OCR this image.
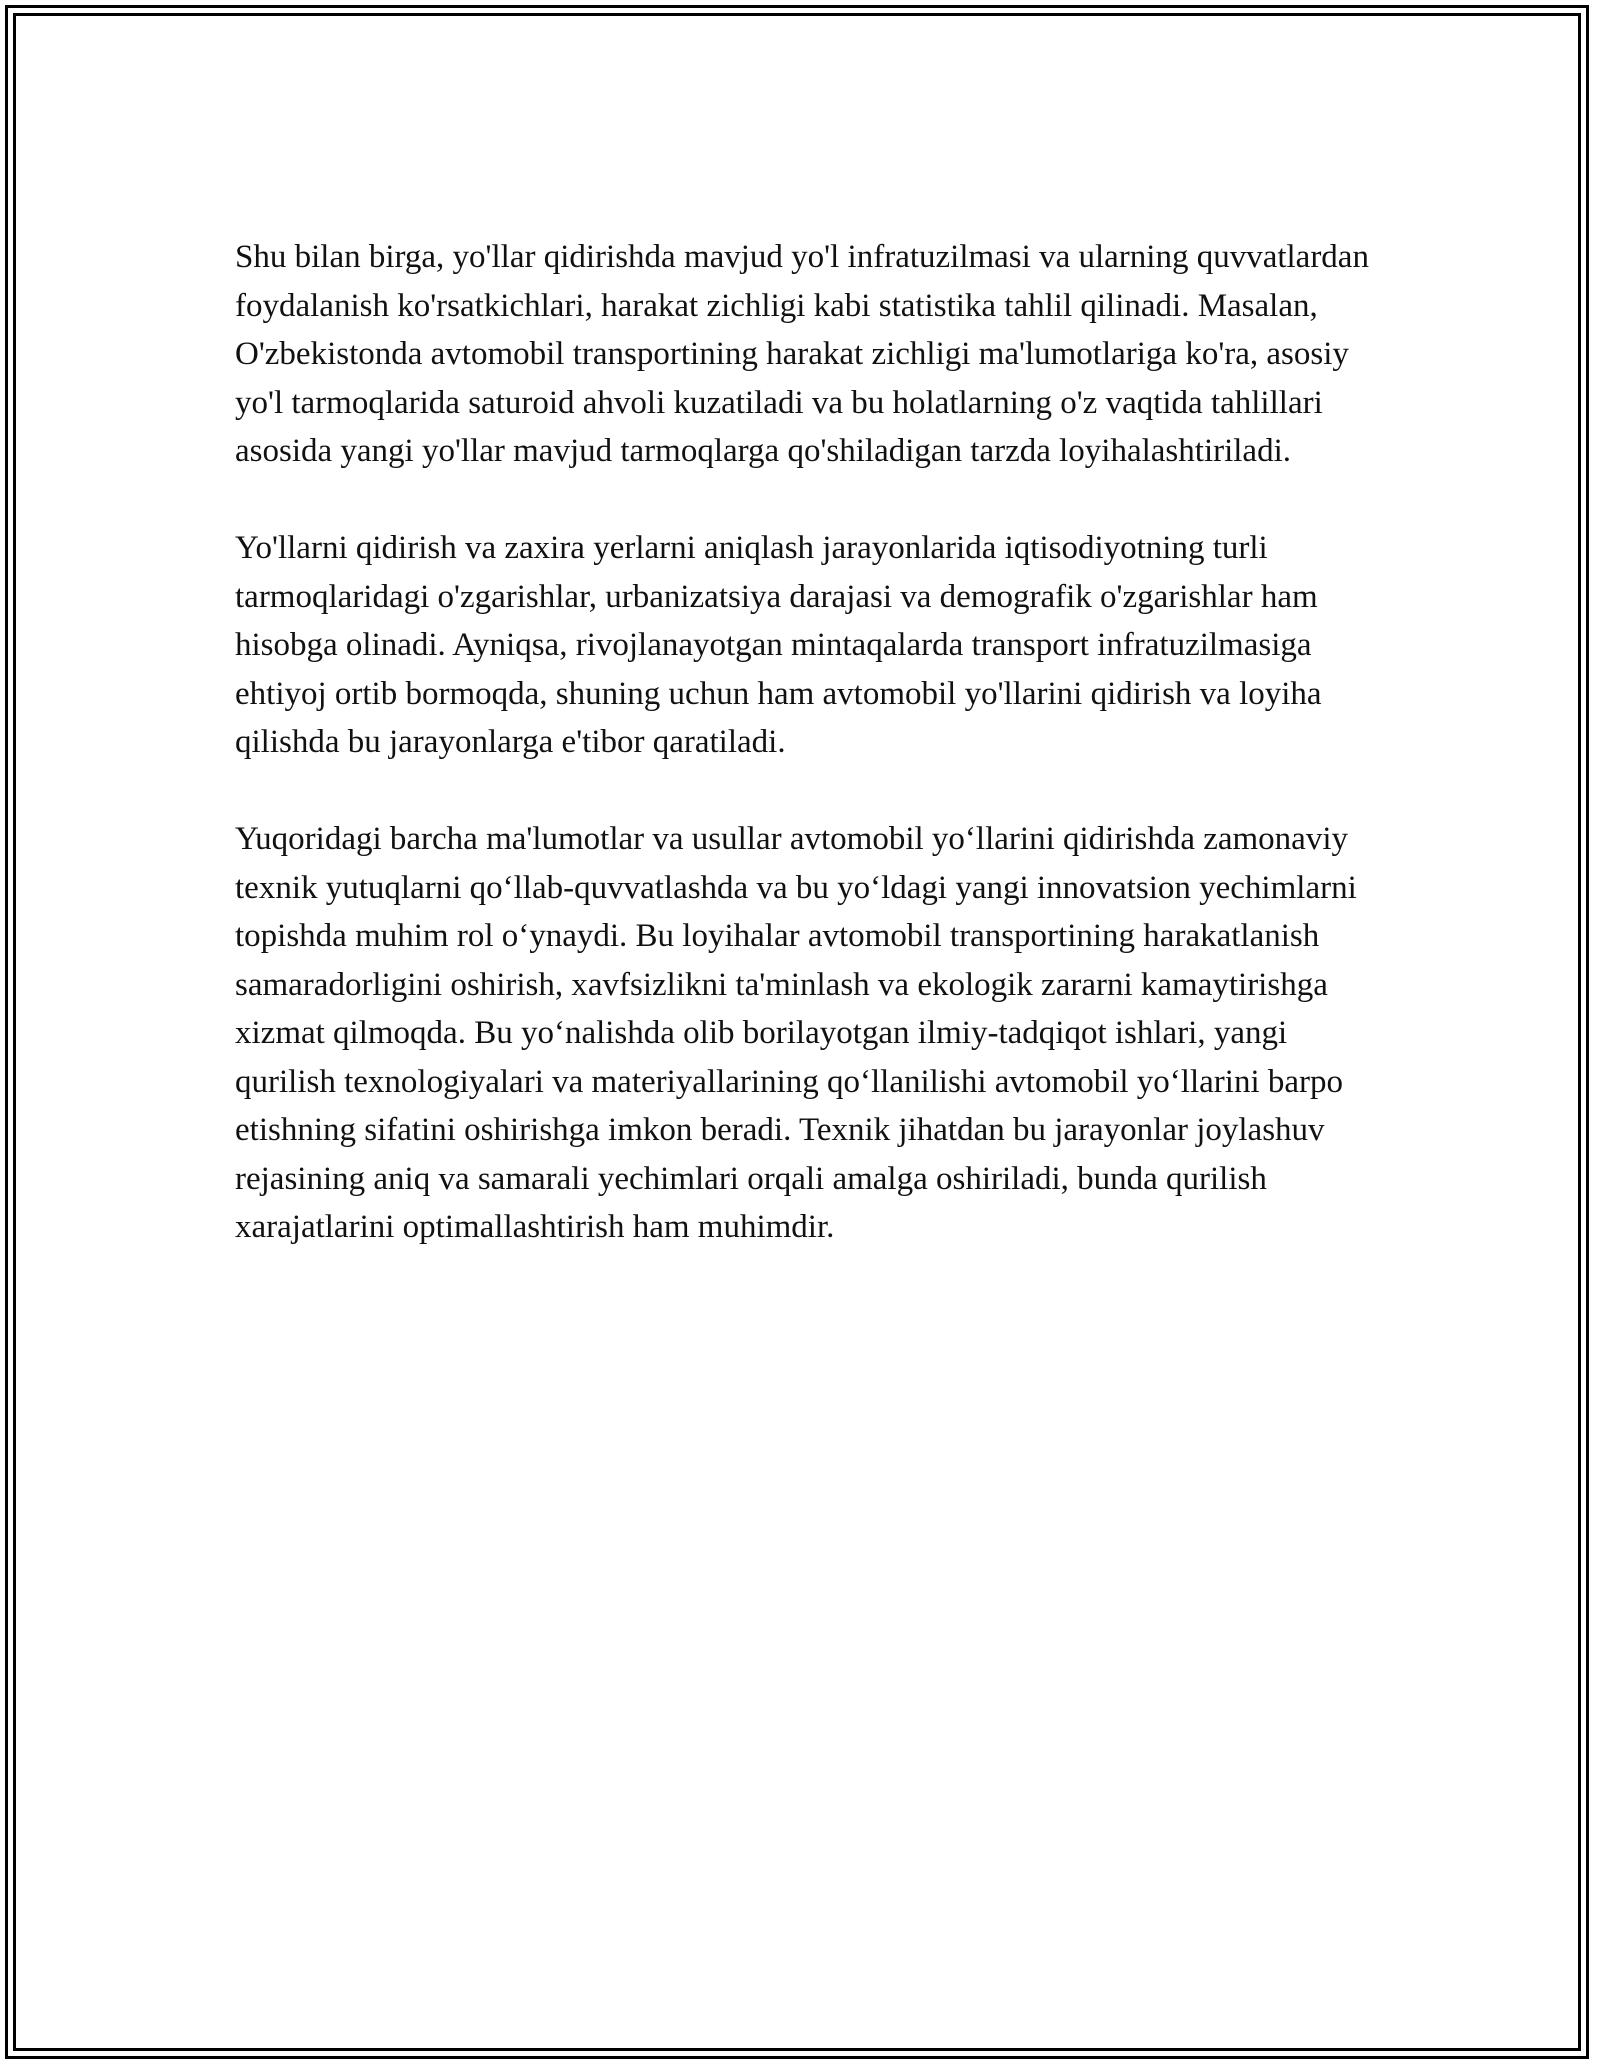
Shu bilan birga, yo'llar qidirishda mavjud yo'l infratuzilmasi va ularning quvvatlardan foydalanish ko'rsatkichlari, harakat zichligi kabi statistika tahlil qilinadi. Masalan, O'zbekistonda avtomobil transportining harakat zichligi ma'lumotlariga ko'ra, asosiy yo'l tarmoqlarida saturoid ahvoli kuzatiladi va bu holatlarning o'z vaqtida tahlillari asosida yangi yo'llar mavjud tarmoqlarga qo'shiladigan tarzda loyihalashtiriladi.

Yo'llarni qidirish va zaxira yerlarni aniqlash jarayonlarida iqtisodiyotning turli tarmoqlaridagi o'zgarishlar, urbanizatsiya darajasi va demografik o'zgarishlar ham hisobga olinadi. Ayniqsa, rivojlanayotgan mintaqalarda transport infratuzilmasiga ehtiyoj ortib bormoqda, shuning uchun ham avtomobil yo'llarini qidirish va loyiha qilishda bu jarayonlarga e'tibor qaratiladi.

Yuqoridagi barcha ma'lumotlar va usullar avtomobil yo‘llarini qidirishda zamonaviy texnik yutuqlarni qo‘llab-quvvatlashda va bu yo‘ldagi yangi innovatsion yechimlarni topishda muhim rol o‘ynaydi. Bu loyihalar avtomobil transportining harakatlanish samaradorligini oshirish, xavfsizlikni ta'minlash va ekologik zararni kamaytirishga xizmat qilmoqda. Bu yo‘nalishda olib borilayotgan ilmiy-tadqiqot ishlari, yangi qurilish texnologiyalari va materiyallarining qo‘llanilishi avtomobil yo‘llarini barpo etishning sifatini oshirishga imkon beradi. Texnik jihatdan bu jarayonlar joylashuv rejasining aniq va samarali yechimlari orqali amalga oshiriladi, bunda qurilish xarajatlarini optimallashtirish ham muhimdir.
